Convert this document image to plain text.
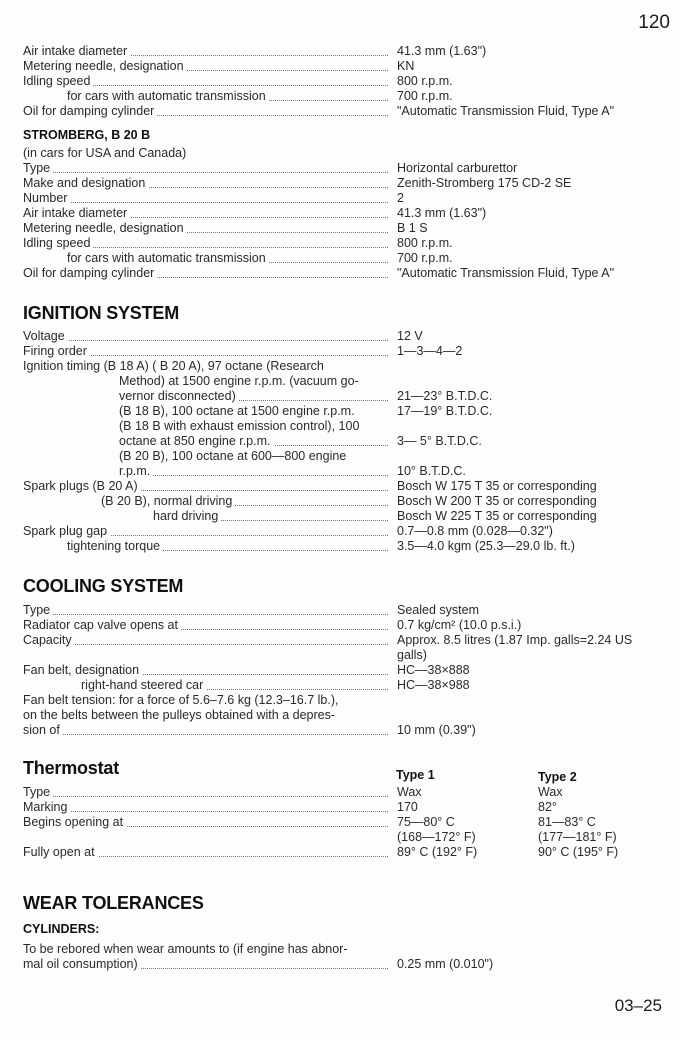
120
Air intake diameter	41.3 mm (1.63")
Metering needle, designation	KN
Idling speed	800 r.p.m.
for cars with automatic transmission	700 r.p.m.
Oil for damping cylinder	"Automatic Transmission Fluid, Type A"
STROMBERG, B 20 B
(in cars for USA and Canada)
Type	Horizontal carburettor
Make and designation	Zenith-Stromberg 175 CD-2 SE
Number	2
Air intake diameter	41.3 mm (1.63")
Metering needle, designation	B 1 S
Idling speed	800 r.p.m.
for cars with automatic transmission	700 r.p.m.
Oil for damping cylinder	"Automatic Transmission Fluid, Type A"
IGNITION SYSTEM
Voltage	12 V
Firing order	1—3—4—2
Ignition timing (B 18 A) ( B 20 A), 97 octane (Research
Method) at 1500 engine r.p.m. (vacuum go-
vernor disconnected)	21—23° B.T.D.C.
(B 18 B), 100 octane at 1500 engine r.p.m.	17—19° B.T.D.C.
(B 18 B with exhaust emission control), 100
octane at 850 engine r.p.m.	3— 5° B.T.D.C.
(B 20 B), 100 octane at 600—800 engine
r.p.m.	10° B.T.D.C.
Spark plugs (B 20 A)	Bosch W 175 T 35 or corresponding
(B 20 B), normal driving	Bosch W 200 T 35 or corresponding
hard driving	Bosch W 225 T 35 or corresponding
Spark plug gap	0.7—0.8 mm (0.028—0.32")
tightening torque	3.5—4.0 kgm (25.3—29.0 lb. ft.)
COOLING SYSTEM
Type	Sealed system
Radiator cap valve opens at	0.7 kg/cm² (10.0 p.s.i.)
Capacity	Approx. 8.5 litres (1.87 Imp. galls=2.24 US
galls)
Fan belt, designation	HC—38×888
right-hand steered car	HC—38×988
Fan belt tension: for a force of 5.6–7.6 kg (12.3–16.7 lb.),
on the belts between the pulleys obtained with a depres-
sion of	10 mm (0.39")
Thermostat	Type 1	Type 2
Type	Wax	Wax
Marking	170	82°
Begins opening at	75—80° C	81—83° C
(168—172° F)	(177—181° F)
Fully open at	89° C (192° F)	90° C (195° F)
WEAR TOLERANCES
CYLINDERS:
To be rebored when wear amounts to (if engine has abnor-
mal oil consumption)	0.25 mm (0.010")
03–25
